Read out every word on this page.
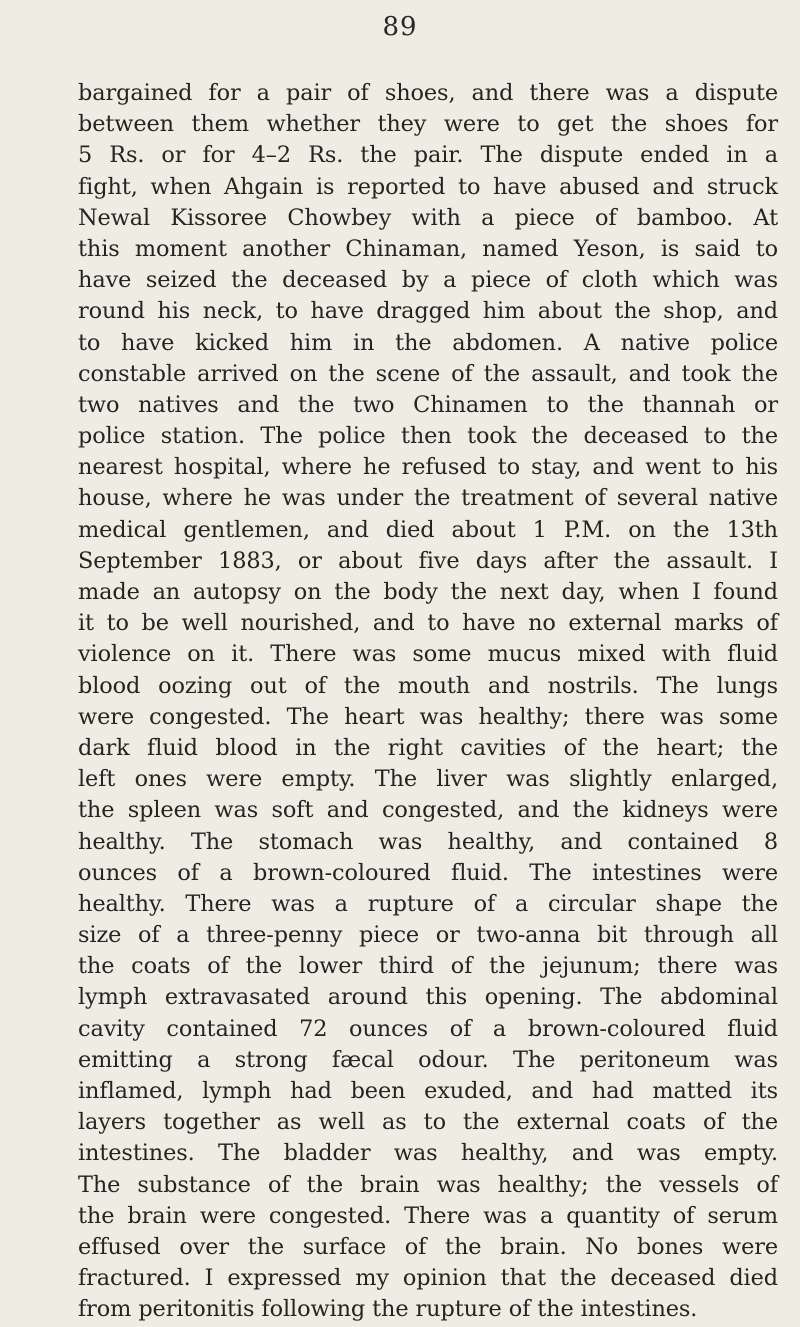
89
bargained for a pair of shoes, and there was a dispute
between them whether they were to get the shoes for
5 Rs. or for 4–2 Rs. the pair. The dispute ended in a
fight, when Ahgain is reported to have abused and struck
Newal Kissoree Chowbey with a piece of bamboo. At
this moment another Chinaman, named Yeson, is said to
have seized the deceased by a piece of cloth which was
round his neck, to have dragged him about the shop, and
to have kicked him in the abdomen. A native police
constable arrived on the scene of the assault, and took the
two natives and the two Chinamen to the thannah or
police station. The police then took the deceased to the
nearest hospital, where he refused to stay, and went to his
house, where he was under the treatment of several native
medical gentlemen, and died about 1 P.M. on the 13th
September 1883, or about five days after the assault. I
made an autopsy on the body the next day, when I found
it to be well nourished, and to have no external marks of
violence on it. There was some mucus mixed with fluid
blood oozing out of the mouth and nostrils. The lungs
were congested. The heart was healthy; there was some
dark fluid blood in the right cavities of the heart; the
left ones were empty. The liver was slightly enlarged,
the spleen was soft and congested, and the kidneys were
healthy. The stomach was healthy, and contained 8
ounces of a brown-coloured fluid. The intestines were
healthy. There was a rupture of a circular shape the
size of a three-penny piece or two-anna bit through all
the coats of the lower third of the jejunum; there was
lymph extravasated around this opening. The abdominal
cavity contained 72 ounces of a brown-coloured fluid
emitting a strong fæcal odour. The peritoneum was
inflamed, lymph had been exuded, and had matted its
layers together as well as to the external coats of the
intestines. The bladder was healthy, and was empty.
The substance of the brain was healthy; the vessels of
the brain were congested. There was a quantity of serum
effused over the surface of the brain. No bones were
fractured. I expressed my opinion that the deceased died
from peritonitis following the rupture of the intestines.
